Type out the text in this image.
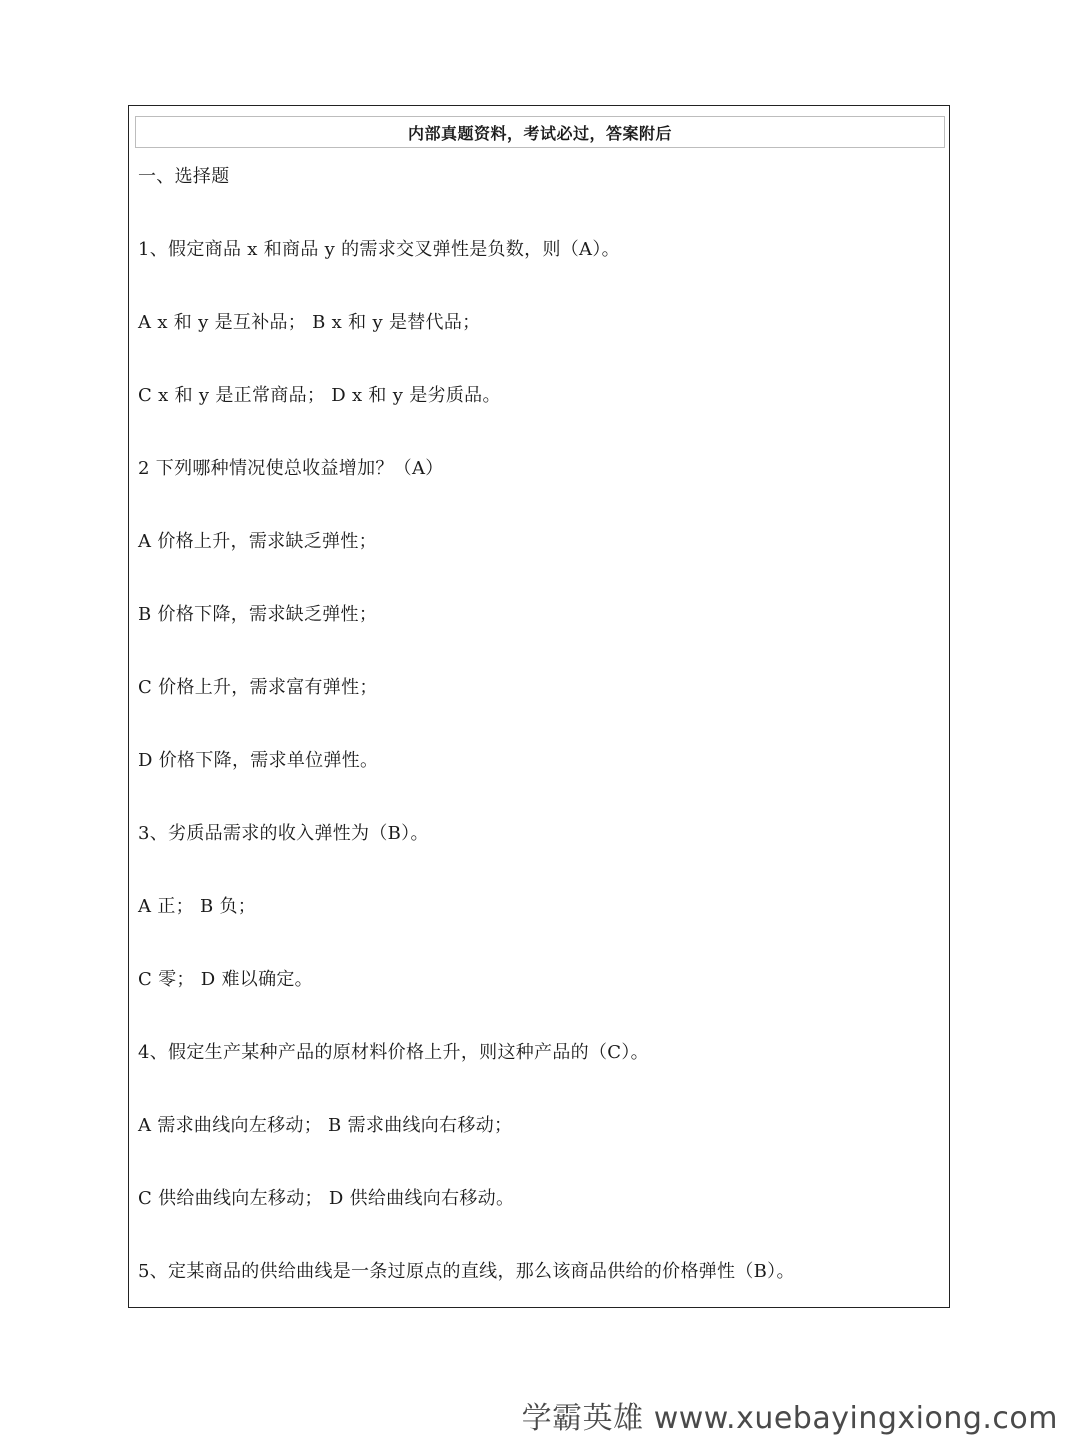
内部真题资料，考试必过，答案附后
一、选择题
1、假定商品 x 和商品 y 的需求交叉弹性是负数，则（A）。
A x 和 y 是互补品； B x 和 y 是替代品；
C x 和 y 是正常商品； D x 和 y 是劣质品。
2 下列哪种情况使总收益增加？（A）
A 价格上升，需求缺乏弹性；
B 价格下降，需求缺乏弹性；
C 价格上升，需求富有弹性；
D 价格下降，需求单位弹性。
3、劣质品需求的收入弹性为（B）。
A 正； B 负；
C 零； D 难以确定。
4、假定生产某种产品的原材料价格上升，则这种产品的（C）。
A 需求曲线向左移动； B 需求曲线向右移动；
C 供给曲线向左移动； D 供给曲线向右移动。
5、定某商品的供给曲线是一条过原点的直线，那么该商品供给的价格弹性（B）。
学霸英雄 www.xuebayingxiong.com
